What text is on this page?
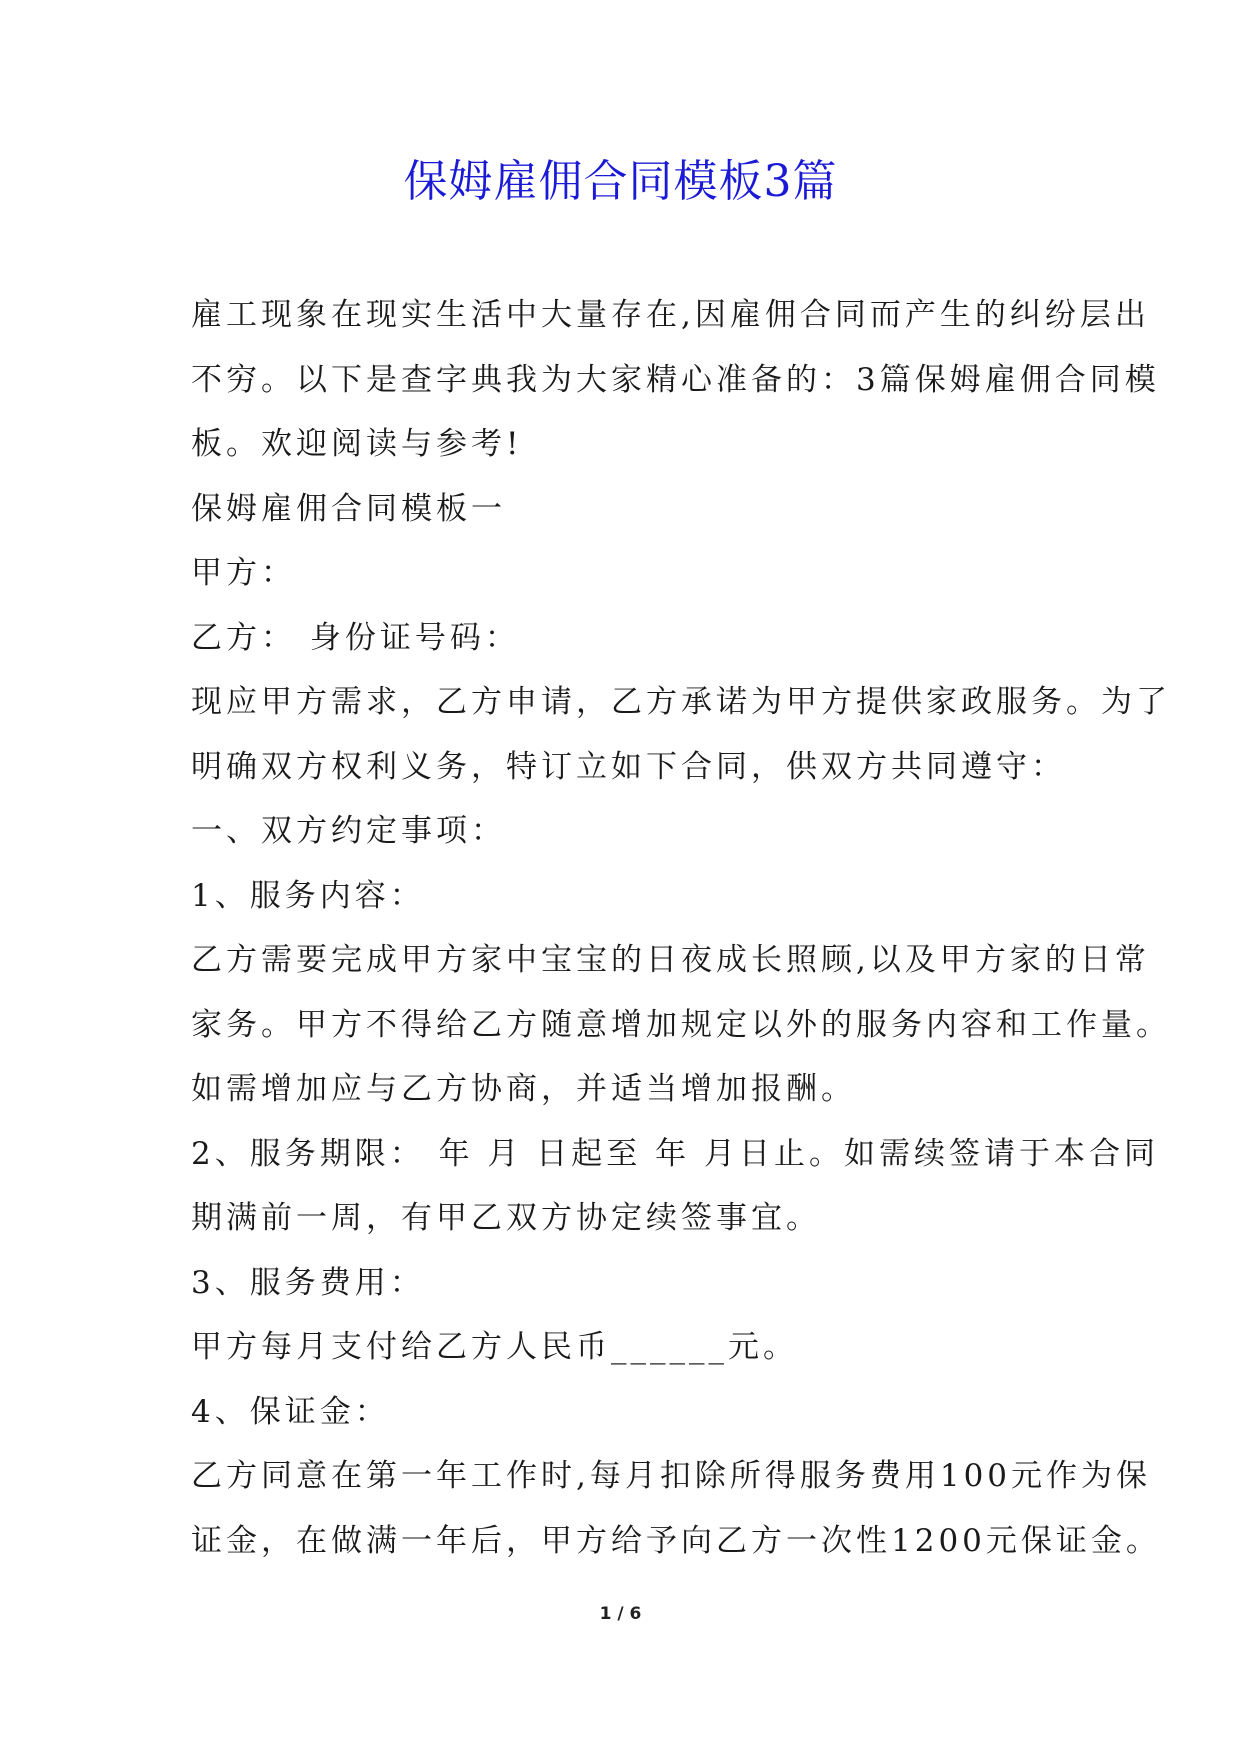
保姆雇佣合同模板3篇

雇工现象在现实生活中大量存在,因雇佣合同而产生的纠纷层出

不穷。以下是查字典我为大家精心准备的：3篇保姆雇佣合同模

板。欢迎阅读与参考!

保姆雇佣合同模板一

甲方：

乙方： 身份证号码：

现应甲方需求，乙方申请，乙方承诺为甲方提供家政服务。为了

明确双方权利义务，特订立如下合同，供双方共同遵守：

一、双方约定事项：

1、服务内容：

乙方需要完成甲方家中宝宝的日夜成长照顾,以及甲方家的日常

家务。甲方不得给乙方随意增加规定以外的服务内容和工作量。

如需增加应与乙方协商，并适当增加报酬。

2、服务期限： 年 月 日起至 年 月日止。如需续签请于本合同

期满前一周，有甲乙双方协定续签事宜。

3、服务费用：

甲方每月支付给乙方人民币______元。

4、保证金：

乙方同意在第一年工作时,每月扣除所得服务费用100元作为保

证金，在做满一年后，甲方给予向乙方一次性1200元保证金。

1 / 6
